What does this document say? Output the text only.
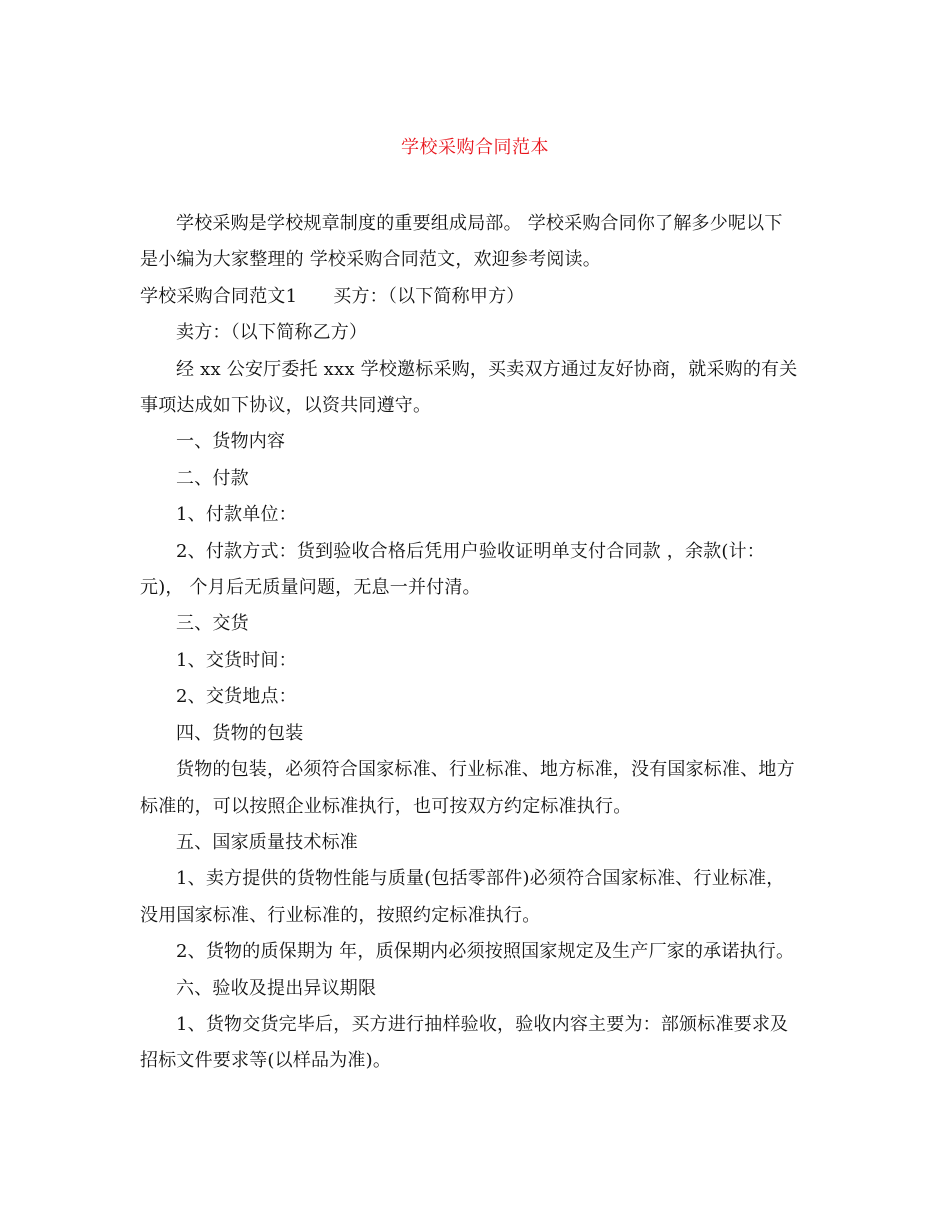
学校采购合同范本

学校采购是学校规章制度的重要组成局部。 学校采购合同你了解多少呢以下

是小编为大家整理的 学校采购合同范文，欢迎参考阅读。

学校采购合同范文1 买方：（以下简称甲方）

卖方：（以下简称乙方）

经 xx 公安厅委托 xxx 学校邀标采购，买卖双方通过友好协商，就采购的有关

事项达成如下协议，以资共同遵守。

一、货物内容

二、付款

1、付款单位：

2、付款方式：货到验收合格后凭用户验收证明单支付合同款 ，余款(计：

元)， 个月后无质量问题，无息一并付清。

三、交货

1、交货时间：

2、交货地点：

四、货物的包装

货物的包装，必须符合国家标准、行业标准、地方标准，没有国家标准、地方

标准的，可以按照企业标准执行，也可按双方约定标准执行。

五、国家质量技术标准

1、卖方提供的货物性能与质量(包括零部件)必须符合国家标准、行业标准，

没用国家标准、行业标准的，按照约定标准执行。

2、货物的质保期为 年，质保期内必须按照国家规定及生产厂家的承诺执行。

六、验收及提出异议期限

1、货物交货完毕后，买方进行抽样验收，验收内容主要为：部颁标准要求及

招标文件要求等(以样品为准)。
